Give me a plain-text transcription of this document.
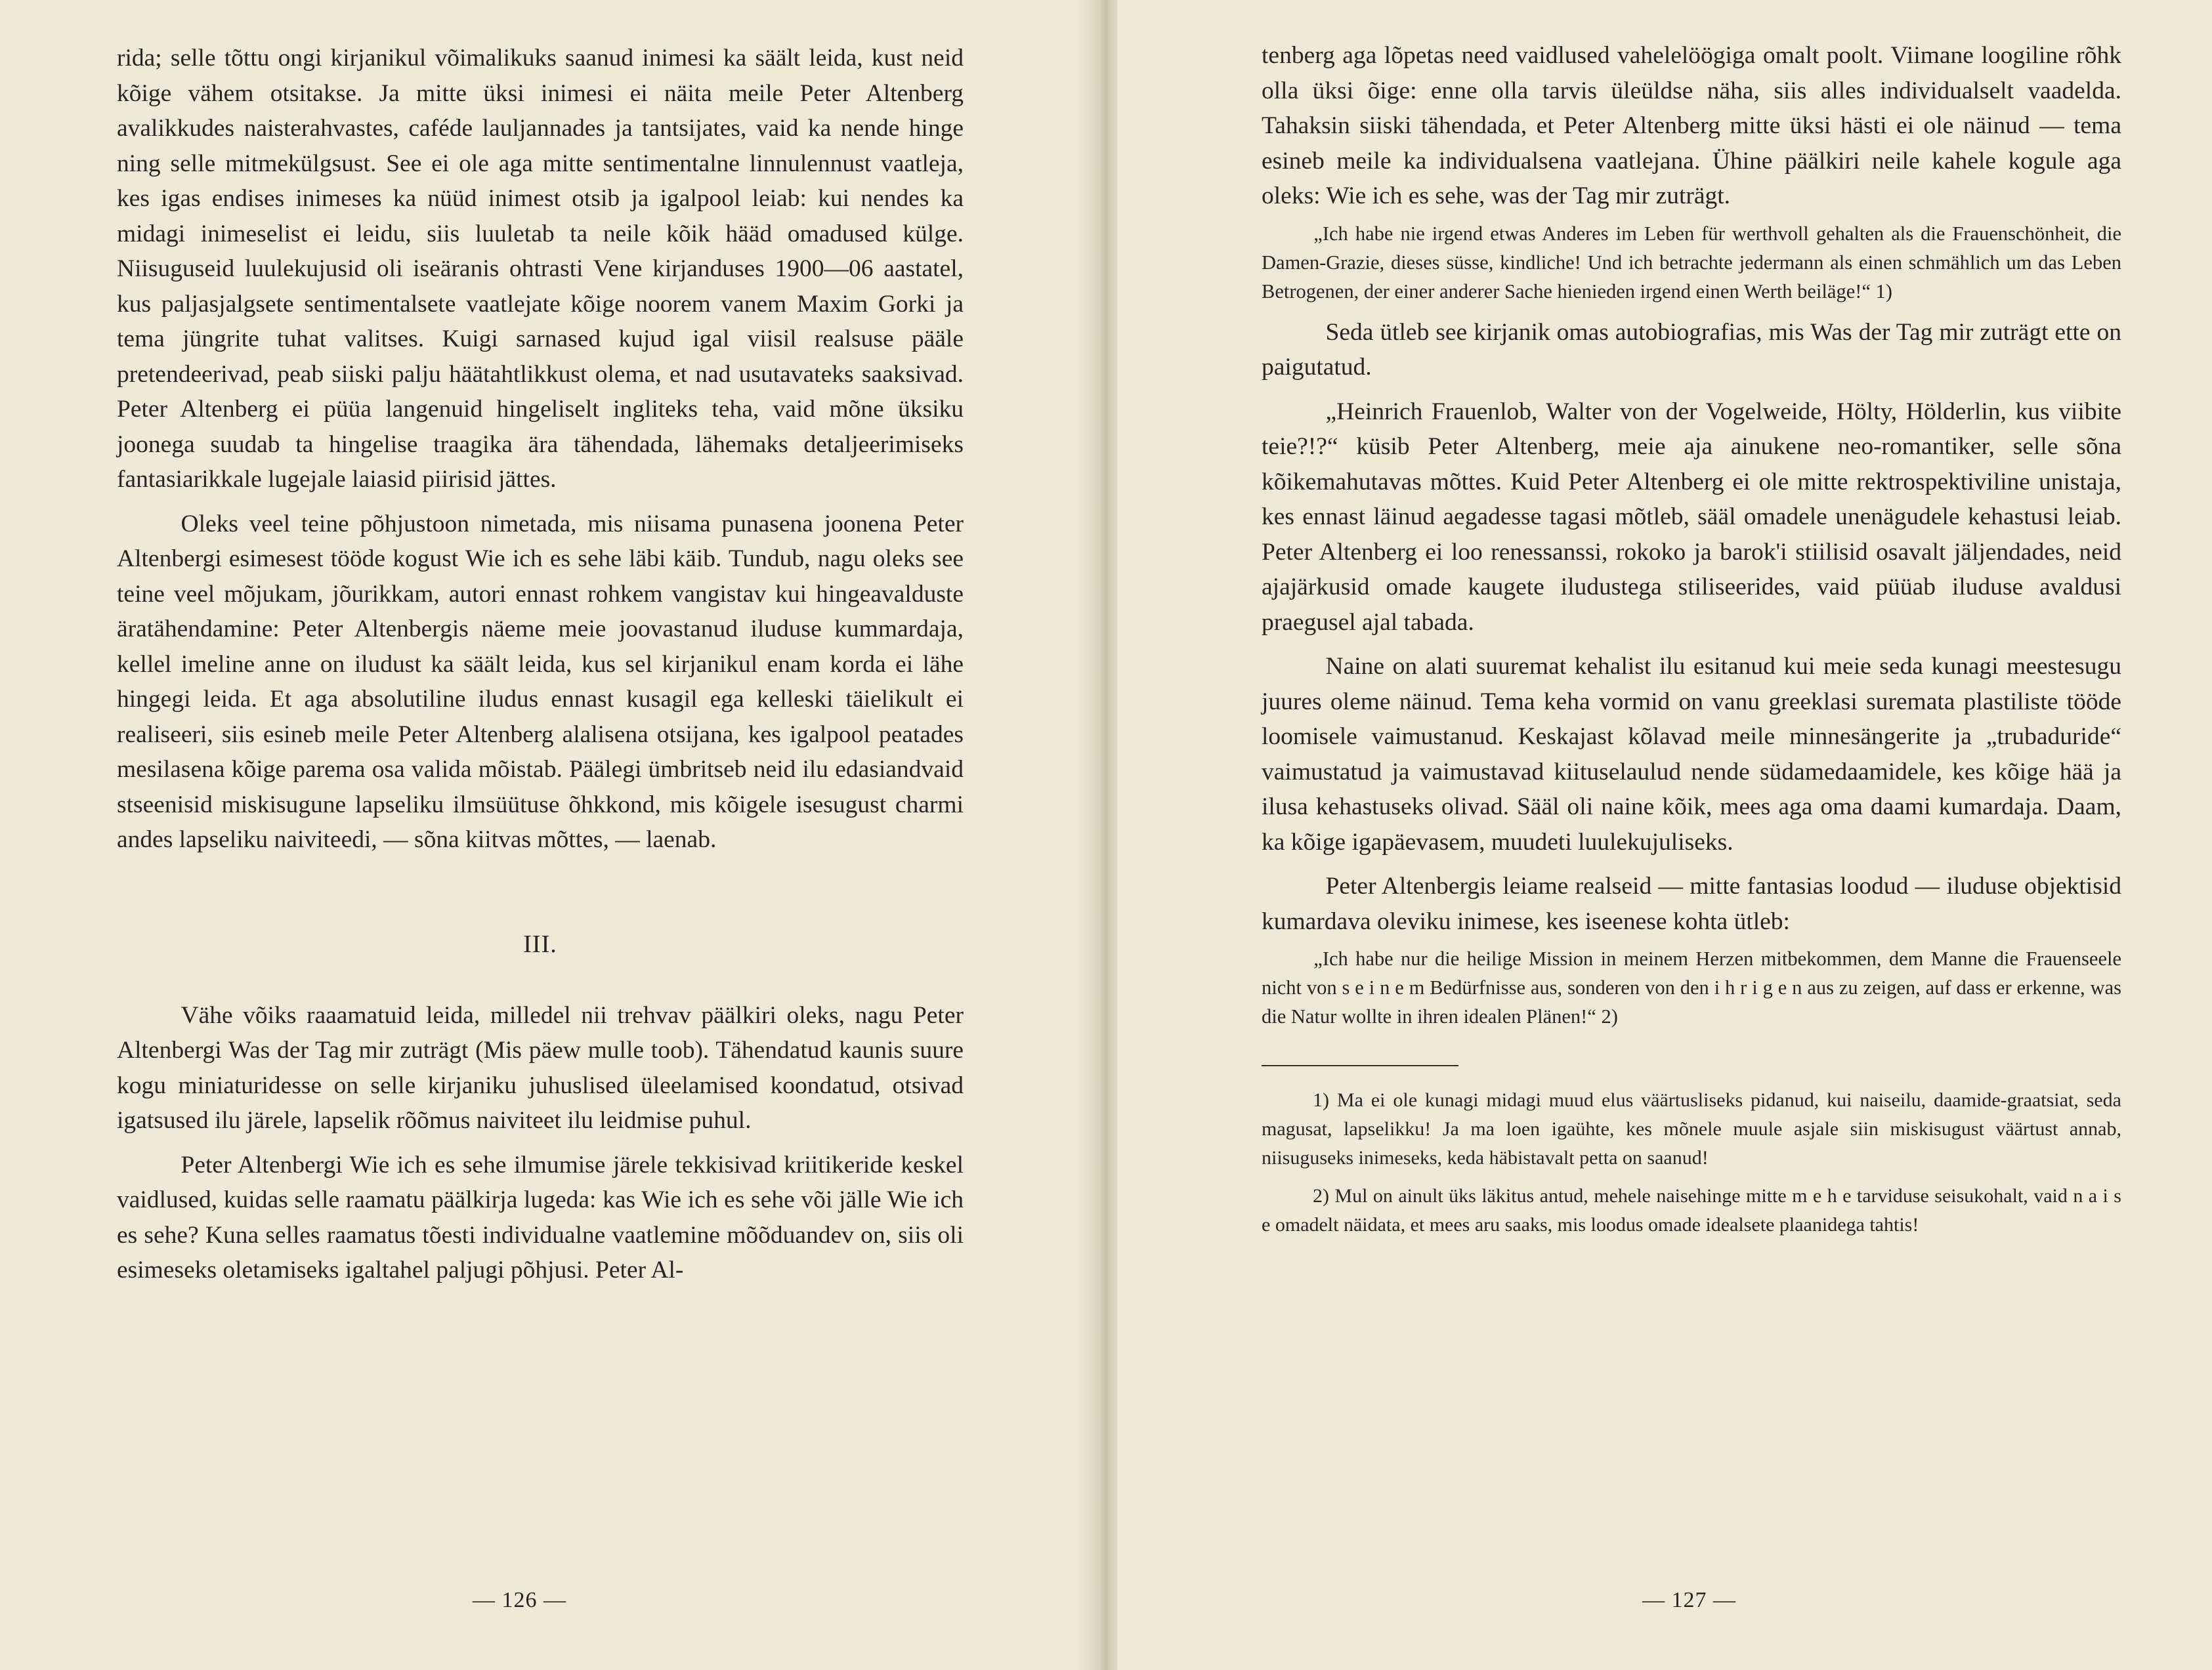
rida; selle tõttu ongi kirjanikul võimalikuks saanud inimesi ka säält leida, kust neid kõige vähem otsitakse. Ja mitte üksi inimesi ei näita meile Peter Altenberg avalikkudes naisterahvastes, caféde lauljannades ja tantsijates, vaid ka nende hinge ning selle mitmekülgsust. See ei ole aga mitte sentimentalne linnulennust vaatleja, kes igas endises inimeses ka nüüd inimest otsib ja igalpool leiab: kui nendes ka midagi inimeselist ei leidu, siis luuletab ta neile kõik hääd omadused külge. Niisuguseid luulekujusid oli iseäranis ohtrasti Vene kirjanduses 1900—06 aastatel, kus paljasjalgsete sentimentalsete vaatlejate kõige noorem vanem Maxim Gorki ja tema jüngrite tuhat valitses. Kuigi sarnased kujud igal viisil realsuse pääle pretendeerivad, peab siiski palju häätahtlikkust olema, et nad usutavateks saaksivad. Peter Altenberg ei püüa langenuid hingeliselt ingliteks teha, vaid mõne üksiku joonega suudab ta hingelise traagika ära tähendada, lähemaks detaljeerimiseks fantasiarikkale lugejale laiasid piirisid jättes.

Oleks veel teine põhjustoon nimetada, mis niisama punasena joonena Peter Altenbergi esimesest tööde kogust Wie ich es sehe läbi käib. Tundub, nagu oleks see teine veel mõjukam, jõurikkam, autori ennast rohkem vangistav kui hingeavalduste äratähendamine: Peter Altenbergis näeme meie joovastanud iluduse kummardaja, kellel imeline anne on iludust ka säält leida, kus sel kirjanikul enam korda ei lähe hingegi leida. Et aga absolutiline iludus ennast kusagil ega kelleski täielikult ei realiseeri, siis esineb meile Peter Altenberg alalisena otsijana, kes igalpool peatades mesilasena kõige parema osa valida mõistab. Päälegi ümbritseb neid ilu edasiandvaid stseenisid miskisugune lapseliku ilmsüütuse õhkkond, mis kõigele isesugust charmi andes lapseliku naiviteedi, — sõna kiitvas mõttes, — laenab.

III.

Vähe võiks raaamatuid leida, milledel nii trehvav päälkiri oleks, nagu Peter Altenbergi Was der Tag mir zuträgt (Mis päew mulle toob). Tähendatud kaunis suure kogu miniaturidesse on selle kirjaniku juhuslised üleelamised koondatud, otsivad igatsused ilu järele, lapselik rõõmus naiviteet ilu leidmise puhul.

Peter Altenbergi Wie ich es sehe ilmumise järele tekkisivad kriitikeride keskel vaidlused, kuidas selle raamatu päälkirja lugeda: kas Wie ich es sehe või jälle Wie ich es sehe? Kuna selles raamatus tõesti individualne vaatlemine mõõduandev on, siis oli esimeseks oletamiseks igaltahel paljugi põhjusi. Peter Al-

— 126 —

tenberg aga lõpetas need vaidlused vahelelöögiga omalt poolt. Viimane loogiline rõhk olla üksi õige: enne olla tarvis üleüldse näha, siis alles individualselt vaadelda. Tahaksin siiski tähendada, et Peter Altenberg mitte üksi hästi ei ole näinud — tema esineb meile ka individualsena vaatlejana. Ühine päälkiri neile kahele kogule aga oleks: Wie ich es sehe, was der Tag mir zuträgt.

„Ich habe nie irgend etwas Anderes im Leben für werthvoll gehalten als die Frauenschönheit, die Damen-Grazie, dieses süsse, kindliche! Und ich betrachte jedermann als einen schmählich um das Leben Betrogenen, der einer anderer Sache hienieden irgend einen Werth beiläge!“ 1)

Seda ütleb see kirjanik omas autobiografias, mis Was der Tag mir zuträgt ette on paigutatud.

„Heinrich Frauenlob, Walter von der Vogelweide, Hölty, Hölderlin, kus viibite teie?!?“ küsib Peter Altenberg, meie aja ainukene neo-romantiker, selle sõna kõikemahutavas mõttes. Kuid Peter Altenberg ei ole mitte rektrospektiviline unistaja, kes ennast läinud aegadesse tagasi mõtleb, sääl omadele unenägudele kehastusi leiab. Peter Altenberg ei loo renessanssi, rokoko ja barok'i stiilisid osavalt jäljendades, neid ajajärkusid omade kaugete iludustega stiliseerides, vaid püüab iluduse avaldusi praegusel ajal tabada.

Naine on alati suuremat kehalist ilu esitanud kui meie seda kunagi meestesugu juures oleme näinud. Tema keha vormid on vanu greeklasi suremata plastiliste tööde loomisele vaimustanud. Keskajast kõlavad meile minnesängerite ja „trubaduride“ vaimustatud ja vaimustavad kiituselaulud nende südamedaamidele, kes kõige hää ja ilusa kehastuseks olivad. Sääl oli naine kõik, mees aga oma daami kumardaja. Daam, ka kõige igapäevasem, muudeti luulekujuliseks.

Peter Altenbergis leiame realseid — mitte fantasias loodud — iluduse objektisid kumardava oleviku inimese, kes iseenese kohta ütleb:

„Ich habe nur die heilige Mission in meinem Herzen mitbekommen, dem Manne die Frauenseele nicht von s e i n e m Bedürfnisse aus, sonderen von den i h r i g e n aus zu zeigen, auf dass er erkenne, was die Natur wollte in ihren idealen Plänen!“ 2)

1) Ma ei ole kunagi midagi muud elus väärtusliseks pidanud, kui naiseilu, daamide-graatsiat, seda magusat, lapselikku! Ja ma loen igaühte, kes mõnele muule asjale siin miskisugust väärtust annab, niisuguseks inimeseks, keda häbistavalt petta on saanud!

2) Mul on ainult üks läkitus antud, mehele naisehinge mitte m e h e tarviduse seisukohalt, vaid n a i s e omadelt näidata, et mees aru saaks, mis loodus omade idealsete plaanidega tahtis!

— 127 —
